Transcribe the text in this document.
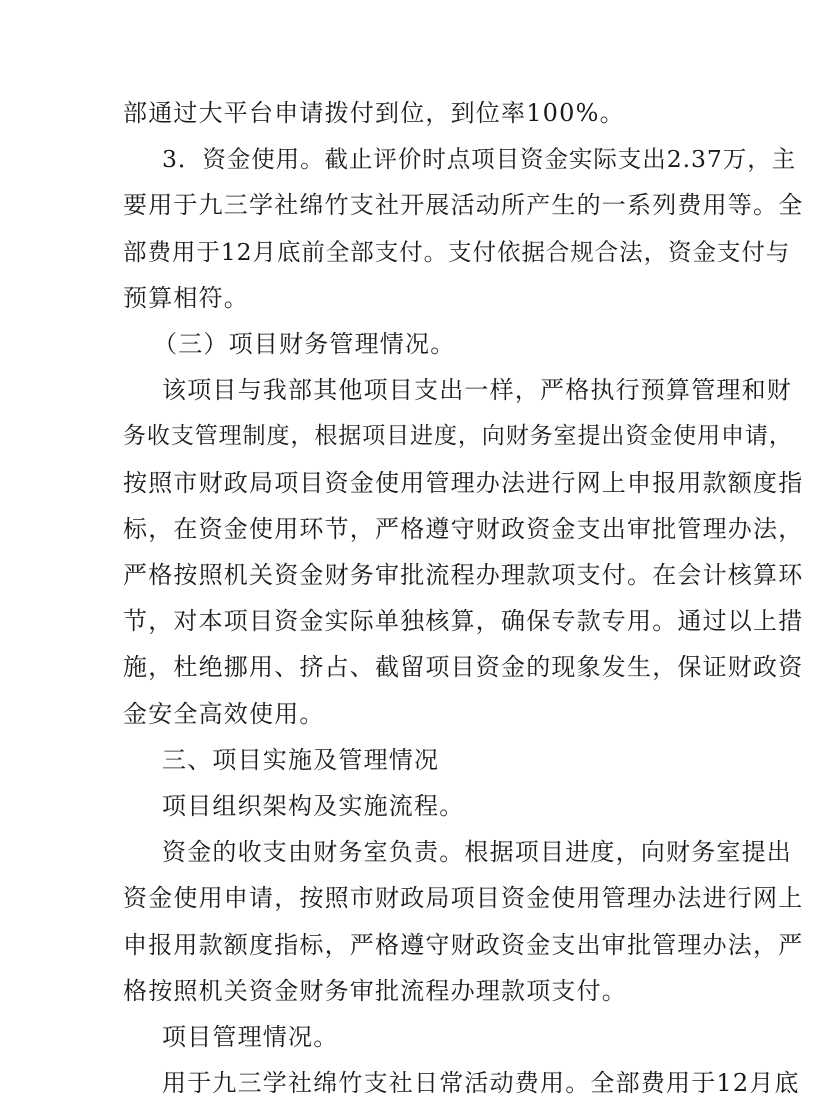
部通过大平台申请拨付到位，到位率100%。
3．资金使用。截止评价时点项目资金实际支出2.37万，主
要用于九三学社绵竹支社开展活动所产生的一系列费用等。全
部费用于12月底前全部支付。支付依据合规合法，资金支付与
预算相符。
（三）项目财务管理情况。
该项目与我部其他项目支出一样，严格执行预算管理和财
务收支管理制度，根据项目进度，向财务室提出资金使用申请，
按照市财政局项目资金使用管理办法进行网上申报用款额度指
标，在资金使用环节，严格遵守财政资金支出审批管理办法，
严格按照机关资金财务审批流程办理款项支付。在会计核算环
节，对本项目资金实际单独核算，确保专款专用。通过以上措
施，杜绝挪用、挤占、截留项目资金的现象发生，保证财政资
金安全高效使用。
三、项目实施及管理情况
项目组织架构及实施流程。
资金的收支由财务室负责。根据项目进度，向财务室提出
资金使用申请，按照市财政局项目资金使用管理办法进行网上
申报用款额度指标，严格遵守财政资金支出审批管理办法，严
格按照机关资金财务审批流程办理款项支付。
项目管理情况。
用于九三学社绵竹支社日常活动费用。全部费用于12月底
